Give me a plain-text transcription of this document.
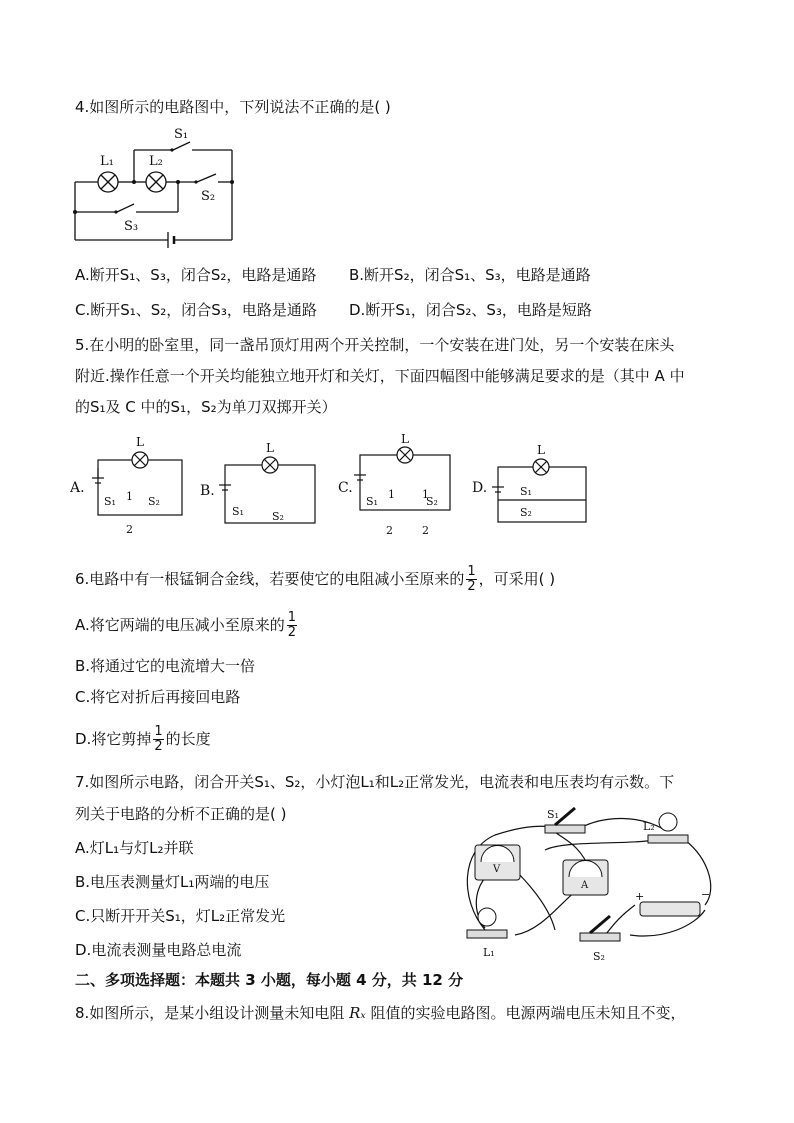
4.如图所示的电路图中，下列说法不正确的是( )
S₁
S₂
S₃
L₁	L₂
A.断开S₁、S₃，闭合S₂，电路是通路 B.断开S₂，闭合S₁、S₃，电路是通路
C.断开S₁、S₂，闭合S₃，电路是通路 D.断开S₁，闭合S₂、S₃，电路是短路
5.在小明的卧室里，同一盏吊顶灯用两个开关控制，一个安装在进门处，另一个安装在床头
附近.操作任意一个开关均能独立地开灯和关灯，下面四幅图中能够满足要求的是（其中 A 中
的S₁及 C 中的S₁，S₂为单刀双掷开关）
A.	B.	C.	D.
L	L
L
L
S₁	S₂
1
2
S₁	S₂
S₁	S₂
1 1
2	2
S₁
S₂
6.电路中有一根锰铜合金线，若要使它的电阻减小至原来的 $\frac{1}{2}$ ，可采用( )
A.将它两端的电压减小至原来的 $\frac{1}{2}$
B.将通过它的电流增大一倍
C.将它对折后再接回电路
D.将它剪掉 $\frac{1}{2}$ 的长度
7.如图所示电路，闭合开关S₁、S₂，小灯泡L₁和L₂正常发光，电流表和电压表均有示数。下
列关于电路的分析不正确的是( )
A.灯L₁与灯L₂并联
B.电压表测量灯L₁两端的电压
C.只断开开关S₁，灯L₂正常发光
D.电流表测量电路总电流
S₁
L₂
V
A
+	−
L₁	S₂
二、多项选择题：本题共 3 小题，每小题 4 分，共 12 分
8.如图所示，是某小组设计测量未知电阻 Rₓ 阻值的实验电路图。电源两端电压未知且不变，
